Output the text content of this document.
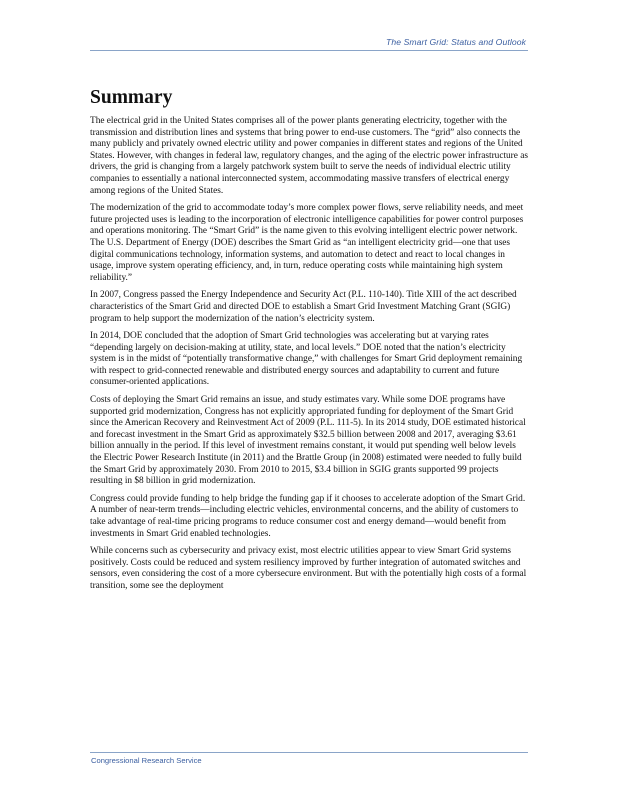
The Smart Grid: Status and Outlook
Summary

The electrical grid in the United States comprises all of the power plants generating electricity, together with the transmission and distribution lines and systems that bring power to end-use customers. The “grid” also connects the many publicly and privately owned electric utility and power companies in different states and regions of the United States. However, with changes in federal law, regulatory changes, and the aging of the electric power infrastructure as drivers, the grid is changing from a largely patchwork system built to serve the needs of individual electric utility companies to essentially a national interconnected system, accommodating massive transfers of electrical energy among regions of the United States.

The modernization of the grid to accommodate today’s more complex power flows, serve reliability needs, and meet future projected uses is leading to the incorporation of electronic intelligence capabilities for power control purposes and operations monitoring. The “Smart Grid” is the name given to this evolving intelligent electric power network. The U.S. Department of Energy (DOE) describes the Smart Grid as “an intelligent electricity grid—one that uses digital communications technology, information systems, and automation to detect and react to local changes in usage, improve system operating efficiency, and, in turn, reduce operating costs while maintaining high system reliability.”

In 2007, Congress passed the Energy Independence and Security Act (P.L. 110-140). Title XIII of the act described characteristics of the Smart Grid and directed DOE to establish a Smart Grid Investment Matching Grant (SGIG) program to help support the modernization of the nation’s electricity system.

In 2014, DOE concluded that the adoption of Smart Grid technologies was accelerating but at varying rates “depending largely on decision-making at utility, state, and local levels.” DOE noted that the nation’s electricity system is in the midst of “potentially transformative change,” with challenges for Smart Grid deployment remaining with respect to grid-connected renewable and distributed energy sources and adaptability to current and future consumer-oriented applications.

Costs of deploying the Smart Grid remains an issue, and study estimates vary. While some DOE programs have supported grid modernization, Congress has not explicitly appropriated funding for deployment of the Smart Grid since the American Recovery and Reinvestment Act of 2009 (P.L. 111-5). In its 2014 study, DOE estimated historical and forecast investment in the Smart Grid as approximately $32.5 billion between 2008 and 2017, averaging $3.61 billion annually in the period. If this level of investment remains constant, it would put spending well below levels the Electric Power Research Institute (in 2011) and the Brattle Group (in 2008) estimated were needed to fully build the Smart Grid by approximately 2030. From 2010 to 2015, $3.4 billion in SGIG grants supported 99 projects resulting in $8 billion in grid modernization.

Congress could provide funding to help bridge the funding gap if it chooses to accelerate adoption of the Smart Grid. A number of near-term trends—including electric vehicles, environmental concerns, and the ability of customers to take advantage of real-time pricing programs to reduce consumer cost and energy demand—would benefit from investments in Smart Grid enabled technologies.

While concerns such as cybersecurity and privacy exist, most electric utilities appear to view Smart Grid systems positively. Costs could be reduced and system resiliency improved by further integration of automated switches and sensors, even considering the cost of a more cybersecure environment. But with the potentially high costs of a formal transition, some see the deployment

Congressional Research Service
